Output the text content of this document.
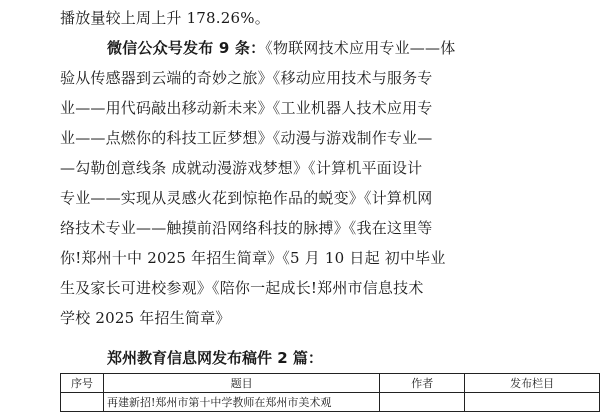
播放量较上周上升 178.26%。
微信公众号发布 9 条：《物联网技术应用专业——体
验从传感器到云端的奇妙之旅》《移动应用技术与服务专
业——用代码敲出移动新未来》《工业机器人技术应用专
业——点燃你的科技工匠梦想》《动漫与游戏制作专业—
—勾勒创意线条 成就动漫游戏梦想》《计算机平面设计
专业——实现从灵感火花到惊艳作品的蜕变》《计算机网
络技术专业——触摸前沿网络科技的脉搏》《我在这里等
你!郑州十中 2025 年招生简章》《5 月 10 日起 初中毕业
生及家长可进校参观》《陪你一起成长!郑州市信息技术
学校 2025 年招生简章》
郑州教育信息网发布稿件 2 篇：
序号	题目	作者	发布栏目
	再建新招!郑州市第十中学教师在郑州市美术观		
